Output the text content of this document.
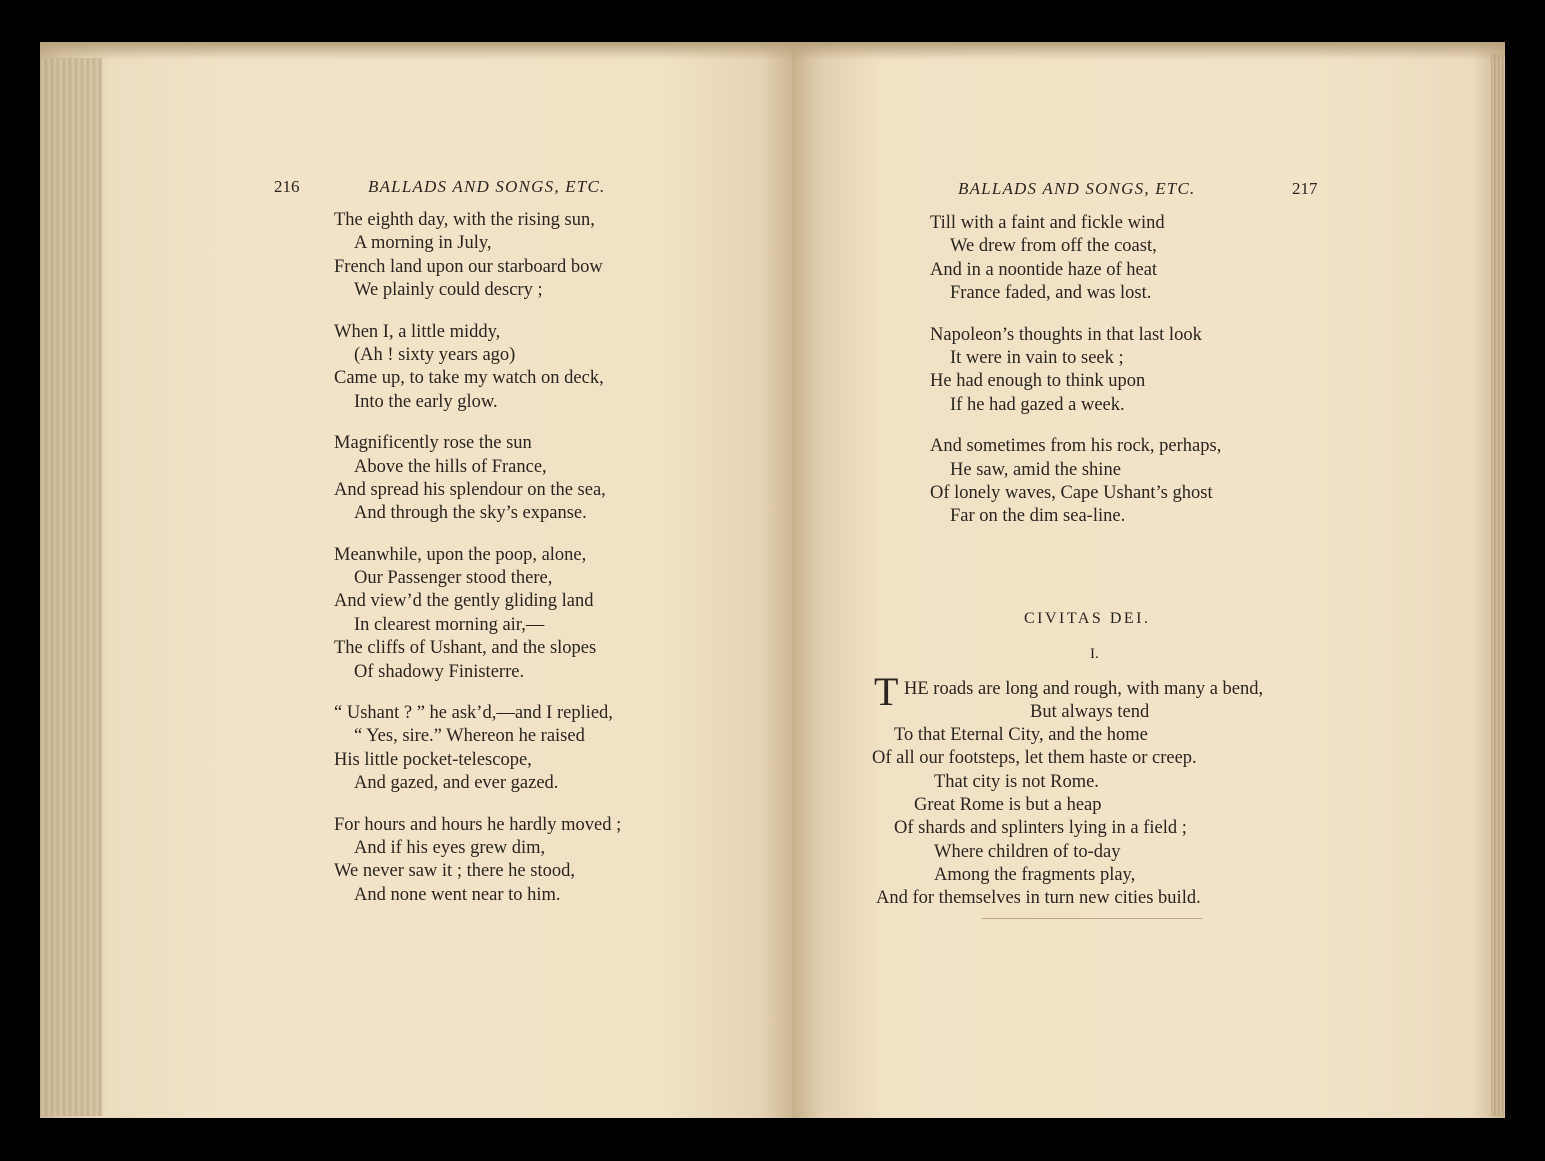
216	BALLADS AND SONGS, ETC.
The eighth day, with the rising sun,
A morning in July,
French land upon our starboard bow
We plainly could descry ;
When I, a little middy,
(Ah ! sixty years ago)
Came up, to take my watch on deck,
Into the early glow.
Magnificently rose the sun
Above the hills of France,
And spread his splendour on the sea,
And through the sky’s expanse.
Meanwhile, upon the poop, alone,
Our Passenger stood there,
And view’d the gently gliding land
In clearest morning air,—
The cliffs of Ushant, and the slopes
Of shadowy Finisterre.
“ Ushant ? ” he ask’d,—and I replied,
“ Yes, sire.” Whereon he raised
His little pocket-telescope,
And gazed, and ever gazed.
For hours and hours he hardly moved ;
And if his eyes grew dim,
We never saw it ; there he stood,
And none went near to him.
BALLADS AND SONGS, ETC.	217
Till with a faint and fickle wind
We drew from off the coast,
And in a noontide haze of heat
France faded, and was lost.
Napoleon’s thoughts in that last look
It were in vain to seek ;
He had enough to think upon
If he had gazed a week.
And sometimes from his rock, perhaps,
He saw, amid the shine
Of lonely waves, Cape Ushant’s ghost
Far on the dim sea-line.
CIVITAS DEI.
I.
T HE roads are long and rough, with many a bend,
But always tend
To that Eternal City, and the home
Of all our footsteps, let them haste or creep.
That city is not Rome.
Great Rome is but a heap
Of shards and splinters lying in a field ;
Where children of to-day
Among the fragments play,
And for themselves in turn new cities build.
